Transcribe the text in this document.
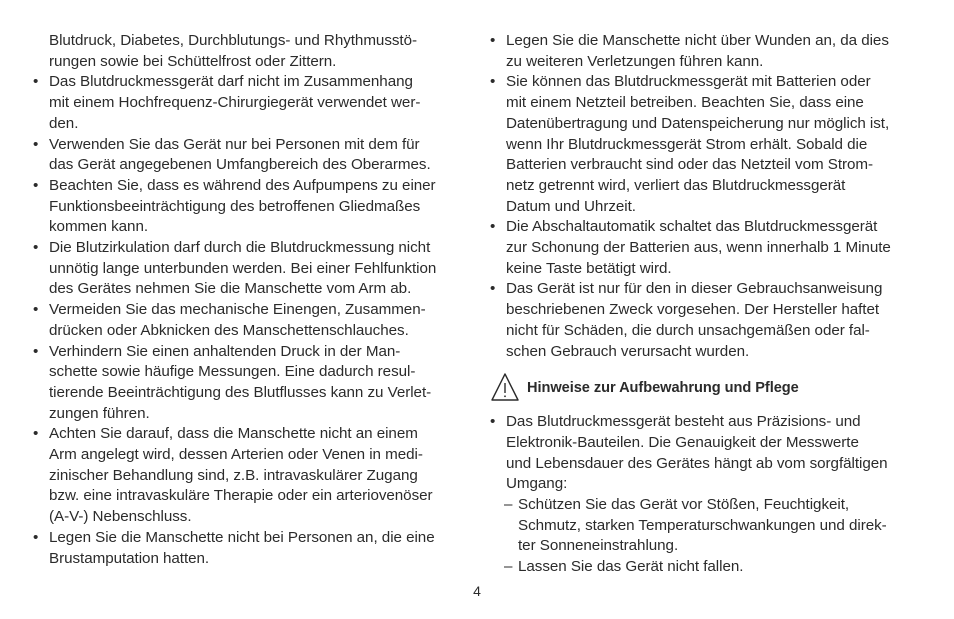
Blutdruck, Diabetes, Durchblutungs- und Rhythmusstö-
rungen sowie bei Schüttelfrost oder Zittern.
• Das Blutdruckmessgerät darf nicht im Zusammenhang
mit einem Hochfrequenz-Chirurgiegerät verwendet wer-
den.
• Verwenden Sie das Gerät nur bei Personen mit dem für
das Gerät angegebenen Umfangbereich des Oberarmes.
• Beachten Sie, dass es während des Aufpumpens zu einer
Funktionsbeeinträchtigung des betroffenen Gliedmaßes
kommen kann.
• Die Blutzirkulation darf durch die Blutdruckmessung nicht
unnötig lange unterbunden werden. Bei einer Fehlfunktion
des Gerätes nehmen Sie die Manschette vom Arm ab.
• Vermeiden Sie das mechanische Einengen, Zusammen-
drücken oder Abknicken des Manschettenschlauches.
• Verhindern Sie einen anhaltenden Druck in der Man-
schette sowie häufige Messungen. Eine dadurch resul-
tierende Beeinträchtigung des Blutflusses kann zu Verlet-
zungen führen.
• Achten Sie darauf, dass die Manschette nicht an einem
Arm angelegt wird, dessen Arterien oder Venen in medi-
zinischer Behandlung sind, z.B. intravaskulärer Zugang
bzw. eine intravaskuläre Therapie oder ein arteriovenöser
(A-V-) Nebenschluss.
• Legen Sie die Manschette nicht bei Personen an, die eine
Brustamputation hatten.
• Legen Sie die Manschette nicht über Wunden an, da dies
zu weiteren Verletzungen führen kann.
• Sie können das Blutdruckmessgerät mit Batterien oder
mit einem Netzteil betreiben. Beachten Sie, dass eine
Datenübertragung und Datenspeicherung nur möglich ist,
wenn Ihr Blutdruckmessgerät Strom erhält. Sobald die
Batterien verbraucht sind oder das Netzteil vom Strom-
netz getrennt wird, verliert das Blutdruckmessgerät
Datum und Uhrzeit.
• Die Abschaltautomatik schaltet das Blutdruckmessgerät
zur Schonung der Batterien aus, wenn innerhalb 1 Minute
keine Taste betätigt wird.
• Das Gerät ist nur für den in dieser Gebrauchsanweisung
beschriebenen Zweck vorgesehen. Der Hersteller haftet
nicht für Schäden, die durch unsachgemäßen oder fal-
schen Gebrauch verursacht wurden.
Hinweise zur Aufbewahrung und Pflege
• Das Blutdruckmessgerät besteht aus Präzisions- und
Elektronik-Bauteilen. Die Genauigkeit der Messwerte
und Lebensdauer des Gerätes hängt ab vom sorgfältigen
Umgang:
– Schützen Sie das Gerät vor Stößen, Feuchtigkeit,
Schmutz, starken Temperaturschwankungen und direk-
ter Sonneneinstrahlung.
– Lassen Sie das Gerät nicht fallen.
4
